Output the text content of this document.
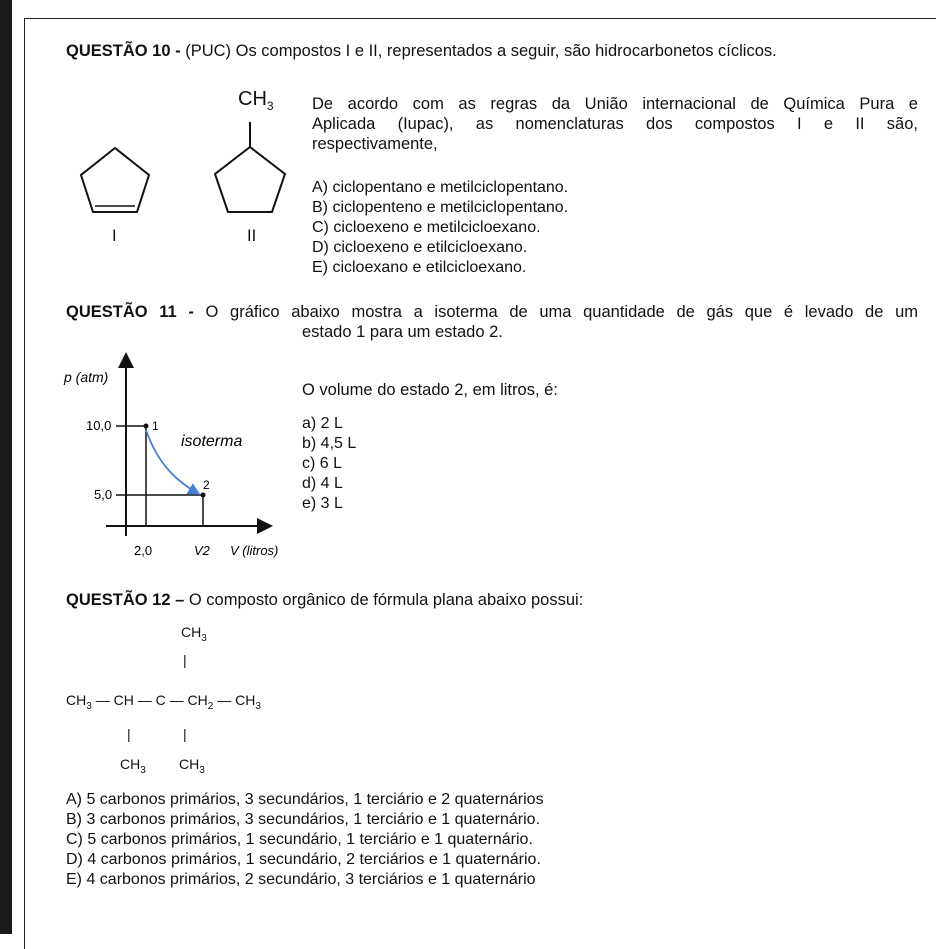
QUESTÃO 10 - (PUC) Os compostos I e II, representados a seguir, são hidrocarbonetos cíclicos.
I
$CH_3$
II
De acordo com as regras da União internacional de Química Pura e
Aplicada (Iupac), as nomenclaturas dos compostos I e II são,
respectivamente,
A) ciclopentano e metilciclopentano.
B) ciclopenteno e metilciclopentano.
C) cicloexeno e metilcicloexano.
D) cicloexeno e etilcicloexano.
E) cicloexano e etilcicloexano.
QUESTÃO 11 - O gráfico abaixo mostra a isoterma de uma quantidade de gás que é levado de um
estado 1 para um estado 2.
p (atm)
10,0
5,0
2,0	V2 V (litros)
isoterma
1
2
O volume do estado 2, em litros, é:
a) 2 L
b) 4,5 L
c) 6 L
d) 4 L
e) 3 L
QUESTÃO 12 – O composto orgânico de fórmula plana abaixo possui:
$CH_3$
|
$CH_3$ — CH — C — $CH_2$ — $CH_3$
|	|
$CH_3$ $CH_3$
A) 5 carbonos primários, 3 secundários, 1 terciário e 2 quaternários
B) 3 carbonos primários, 3 secundários, 1 terciário e 1 quaternário.
C) 5 carbonos primários, 1 secundário, 1 terciário e 1 quaternário.
D) 4 carbonos primários, 1 secundário, 2 terciários e 1 quaternário.
E) 4 carbonos primários, 2 secundário, 3 terciários e 1 quaternário
